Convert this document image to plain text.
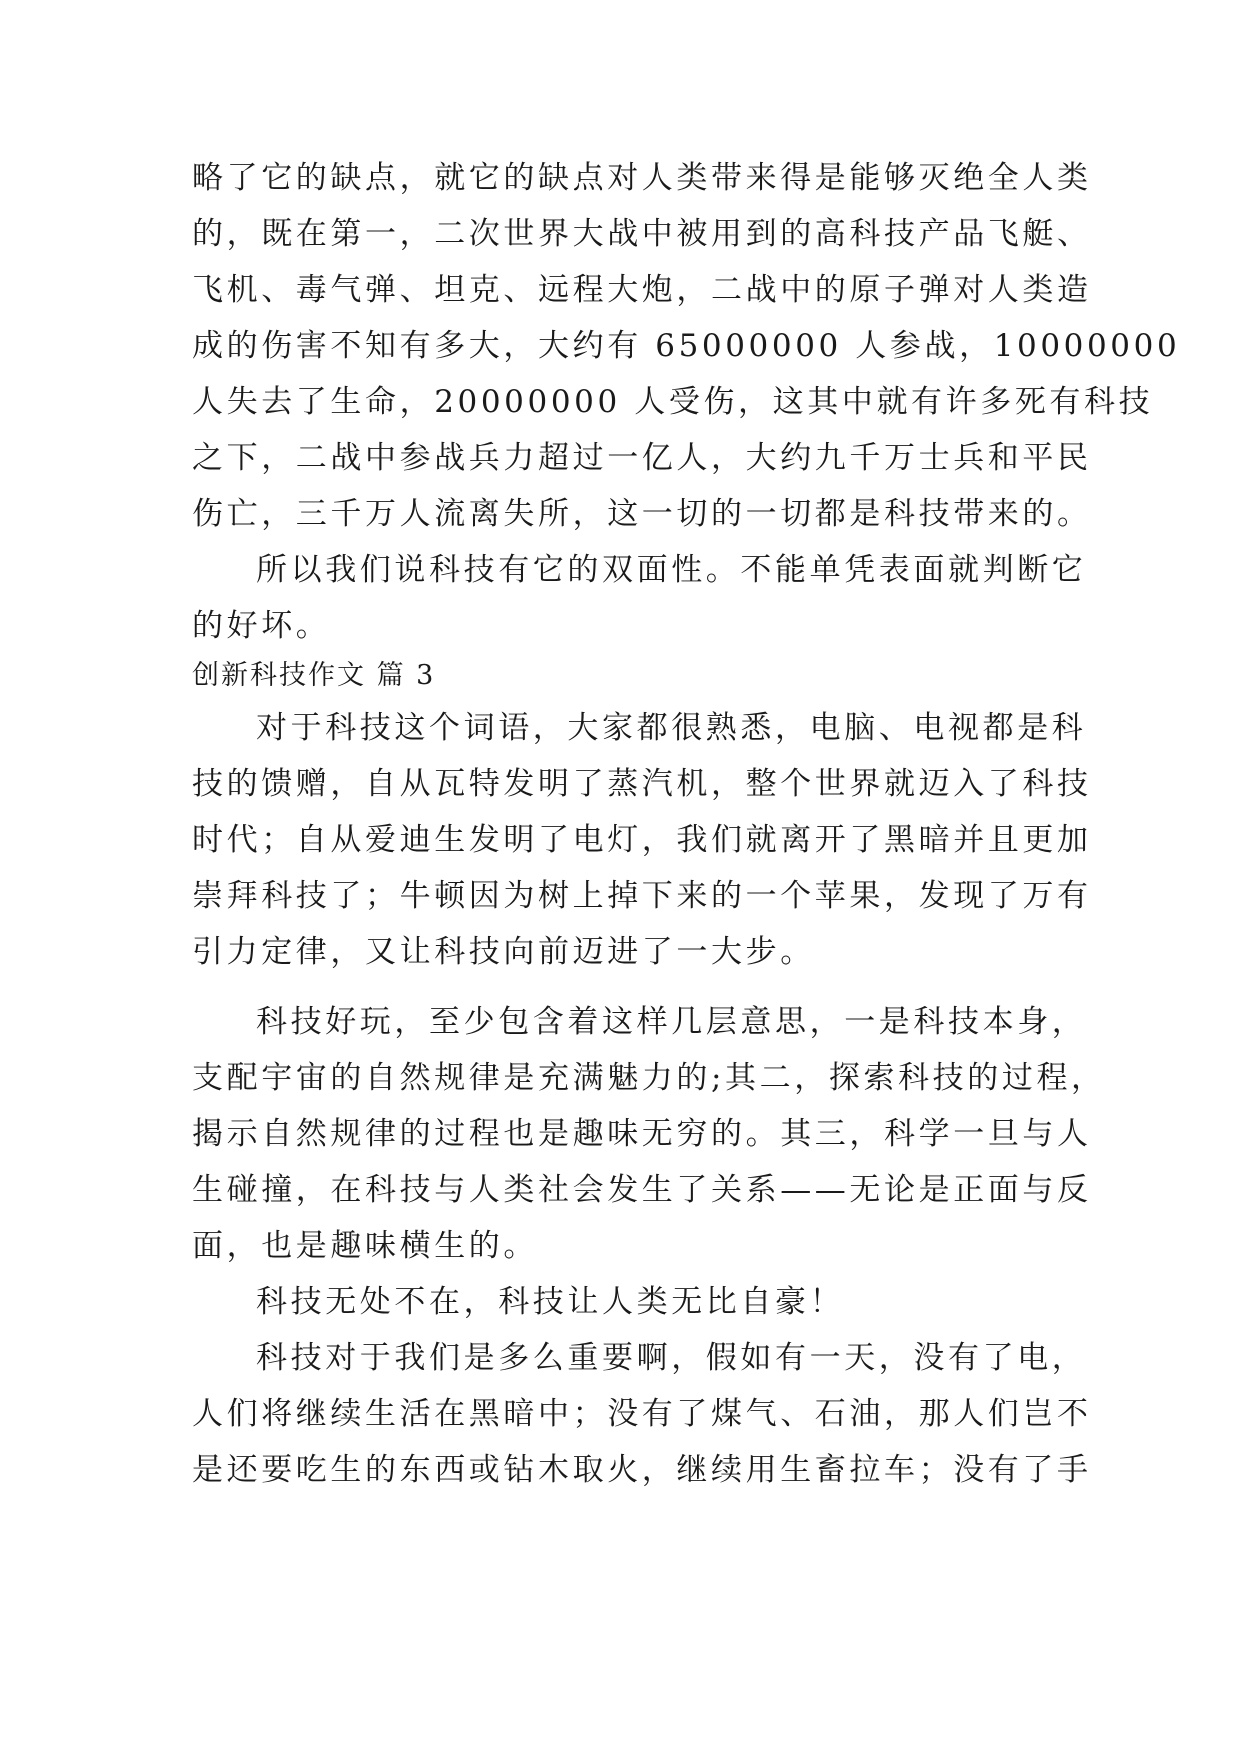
略了它的缺点，就它的缺点对人类带来得是能够灭绝全人类
的，既在第一，二次世界大战中被用到的高科技产品飞艇、
飞机、毒气弹、坦克、远程大炮，二战中的原子弹对人类造
成的伤害不知有多大，大约有 65000000 人参战，10000000
人失去了生命，20000000 人受伤，这其中就有许多死有科技
之下，二战中参战兵力超过一亿人，大约九千万士兵和平民
伤亡，三千万人流离失所，这一切的一切都是科技带来的。
所以我们说科技有它的双面性。不能单凭表面就判断它
的好坏。
创新科技作文 篇 3
对于科技这个词语，大家都很熟悉，电脑、电视都是科
技的馈赠，自从瓦特发明了蒸汽机，整个世界就迈入了科技
时代；自从爱迪生发明了电灯，我们就离开了黑暗并且更加
崇拜科技了；牛顿因为树上掉下来的一个苹果，发现了万有
引力定律，又让科技向前迈进了一大步。
科技好玩，至少包含着这样几层意思，一是科技本身，
支配宇宙的自然规律是充满魅力的;其二，探索科技的过程，
揭示自然规律的过程也是趣味无穷的。其三，科学一旦与人
生碰撞，在科技与人类社会发生了关系——无论是正面与反
面，也是趣味横生的。
科技无处不在，科技让人类无比自豪！
科技对于我们是多么重要啊，假如有一天，没有了电，
人们将继续生活在黑暗中；没有了煤气、石油，那人们岂不
是还要吃生的东西或钻木取火，继续用生畜拉车；没有了手
